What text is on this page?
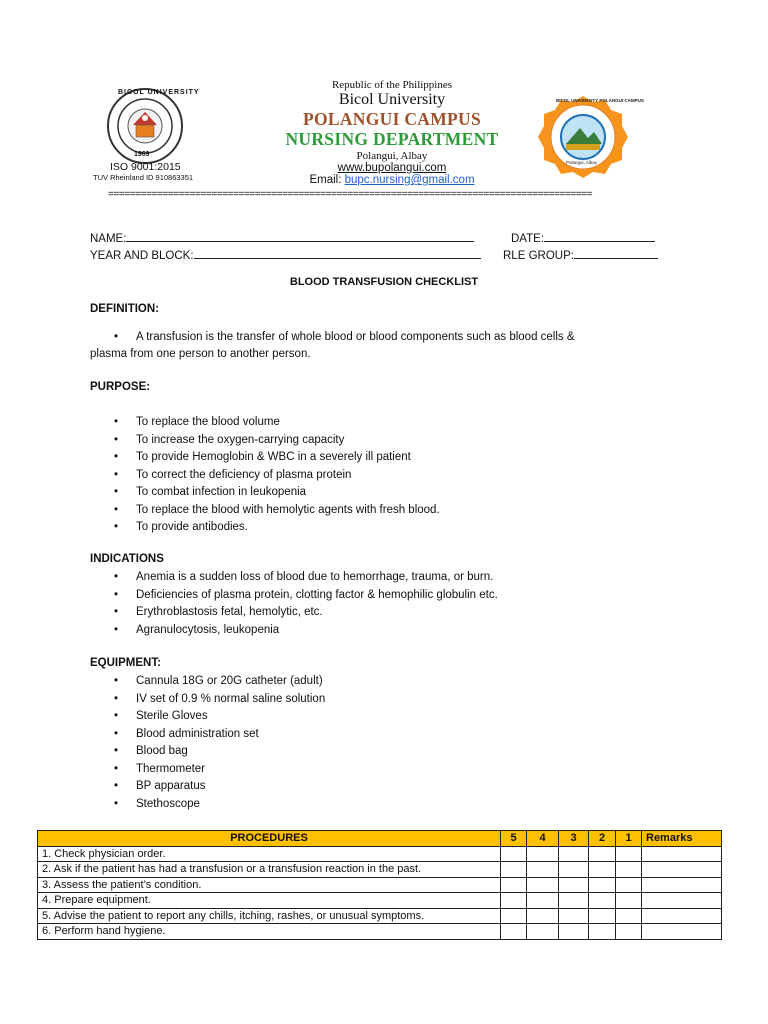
BICOL UNIVERSITY
1969
ISO 9001:2015
TUV Rheinland ID 910863351
BICOL UNIVERSITY POLANGUI CAMPUS
Polangui, Albay
Republic of the Philippines
Bicol University
POLANGUI CAMPUS
NURSING DEPARTMENT
Polangui, Albay
www.bupolangui.com
Email: bupc.nursing@gmail.com
=========================================================================================
NAME:	DATE:
YEAR AND BLOCK:	RLE GROUP:
BLOOD TRANSFUSION CHECKLIST
DEFINITION:
• A transfusion is the transfer of whole blood or blood components such as blood cells &
plasma from one person to another person.
PURPOSE:
• To replace the blood volume
• To increase the oxygen-carrying capacity
• To provide Hemoglobin & WBC in a severely ill patient
• To correct the deficiency of plasma protein
• To combat infection in leukopenia
• To replace the blood with hemolytic agents with fresh blood.
• To provide antibodies.
INDICATIONS
• Anemia is a sudden loss of blood due to hemorrhage, trauma, or burn.
• Deficiencies of plasma protein, clotting factor & hemophilic globulin etc.
• Erythroblastosis fetal, hemolytic, etc.
• Agranulocytosis, leukopenia
EQUIPMENT:
• Cannula 18G or 20G catheter (adult)
• IV set of 0.9 % normal saline solution
• Sterile Gloves
• Blood administration set
• Blood bag
• Thermometer
• BP apparatus
• Stethoscope
PROCEDURES	5	4	3	2	1	Remarks
1. Check physician order.						
2. Ask if the patient has had a transfusion or a transfusion reaction in the past.						
3. Assess the patient’s condition.						
4. Prepare equipment.						
5. Advise the patient to report any chills, itching, rashes, or unusual symptoms.						
6. Perform hand hygiene.						
